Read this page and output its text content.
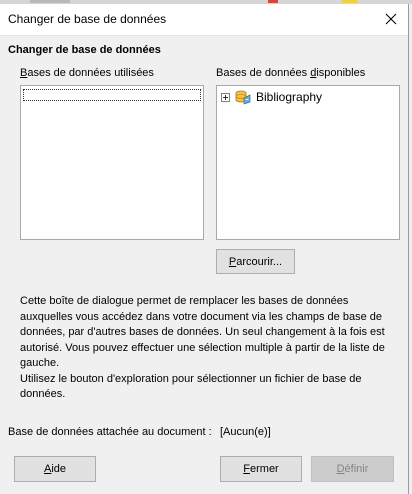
Changer de base de données
Changer de base de données
Bases de données utilisées	Bases de données disponibles
Bibliography
Parcourir...

Cette boîte de dialogue permet de remplacer les bases de données auxquelles vous accédez dans votre document via les champs de base de données, par d'autres bases de données. Un seul changement à la fois est autorisé. Vous pouvez effectuer une sélection multiple à partir de la liste de gauche.

Utilisez le bouton d'exploration pour sélectionner un fichier de base de données.

Base de données attachée au document : [Aucun(e)]
Aide	Fermer	Définir
